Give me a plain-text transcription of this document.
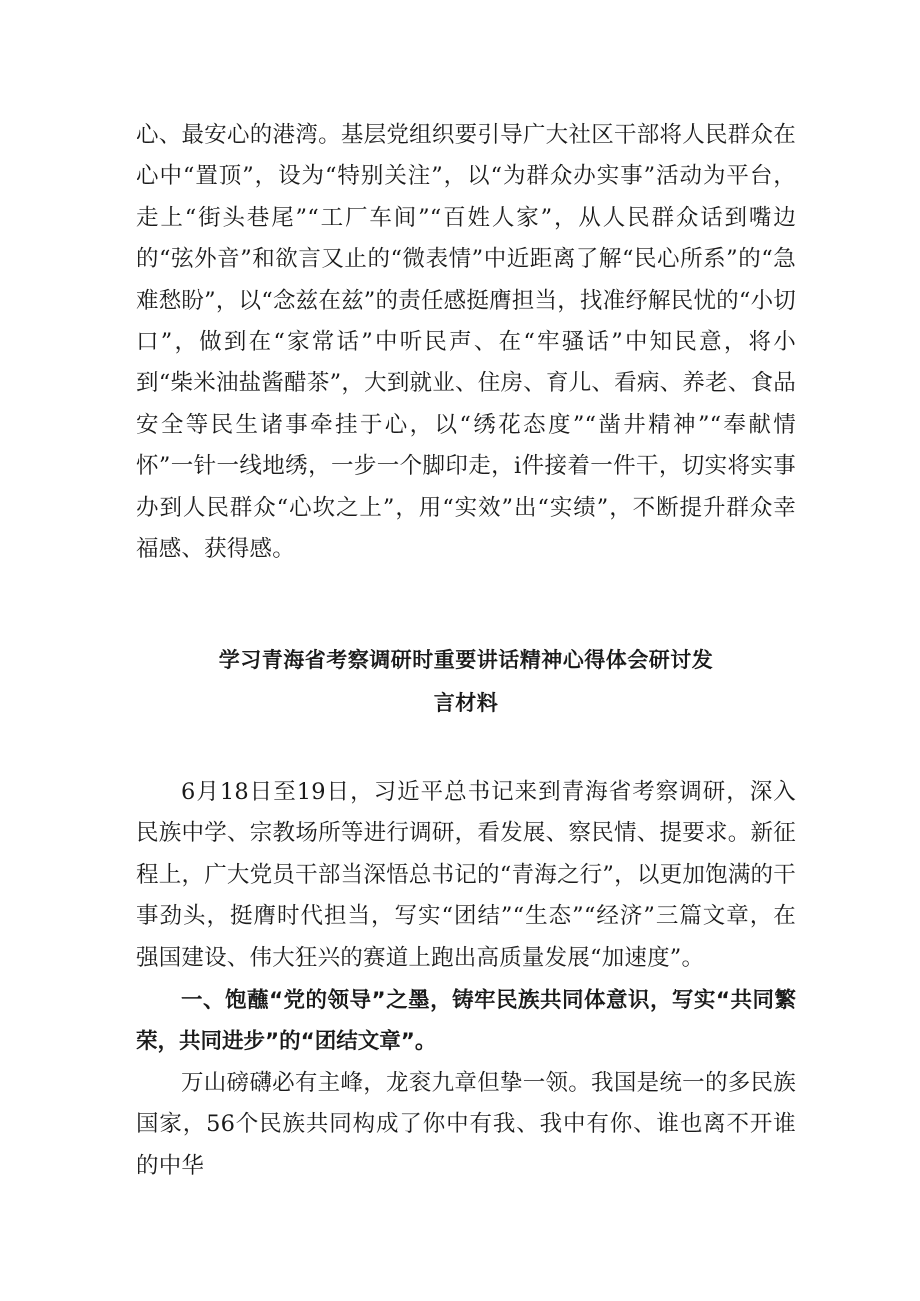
心、最安心的港湾。基层党组织要引导广大社区干部将人民群众在心中“置顶”，设为“特别关注”，以“为群众办实事”活动为平台，走上“街头巷尾”“工厂车间”“百姓人家”，从人民群众话到嘴边的“弦外音”和欲言又止的“微表情”中近距离了解“民心所系”的“急难愁盼”，以“念兹在兹”的责任感挺膺担当，找准纾解民忧的“小切口”，做到在“家常话”中听民声、在“牢骚话”中知民意，将小到“柴米油盐酱醋茶”，大到就业、住房、育儿、看病、养老、食品安全等民生诸事牵挂于心，以“绣花态度”“凿井精神”“奉献情怀”一针一线地绣，一步一个脚印走，i件接着一件干，切实将实事办到人民群众“心坎之上”，用“实效”出“实绩”，不断提升群众幸福感、获得感。

学习青海省考察调研时重要讲话精神心得体会研讨发
言材料

6月18日至19日，习近平总书记来到青海省考察调研，深入民族中学、宗教场所等进行调研，看发展、察民情、提要求。新征程上，广大党员干部当深悟总书记的“青海之行”，以更加饱满的干事劲头，挺膺时代担当，写实“团结”“生态”“经济”三篇文章，在强国建设、伟大狂兴的赛道上跑出高质量发展“加速度”。

一、饱蘸“党的领导”之墨，铸牢民族共同体意识，写实“共同繁荣，共同进步”的“团结文章”。

万山磅礴必有主峰，龙衮九章但挚一领。我国是统一的多民族国家，56个民族共同构成了你中有我、我中有你、谁也离不开谁的中华
